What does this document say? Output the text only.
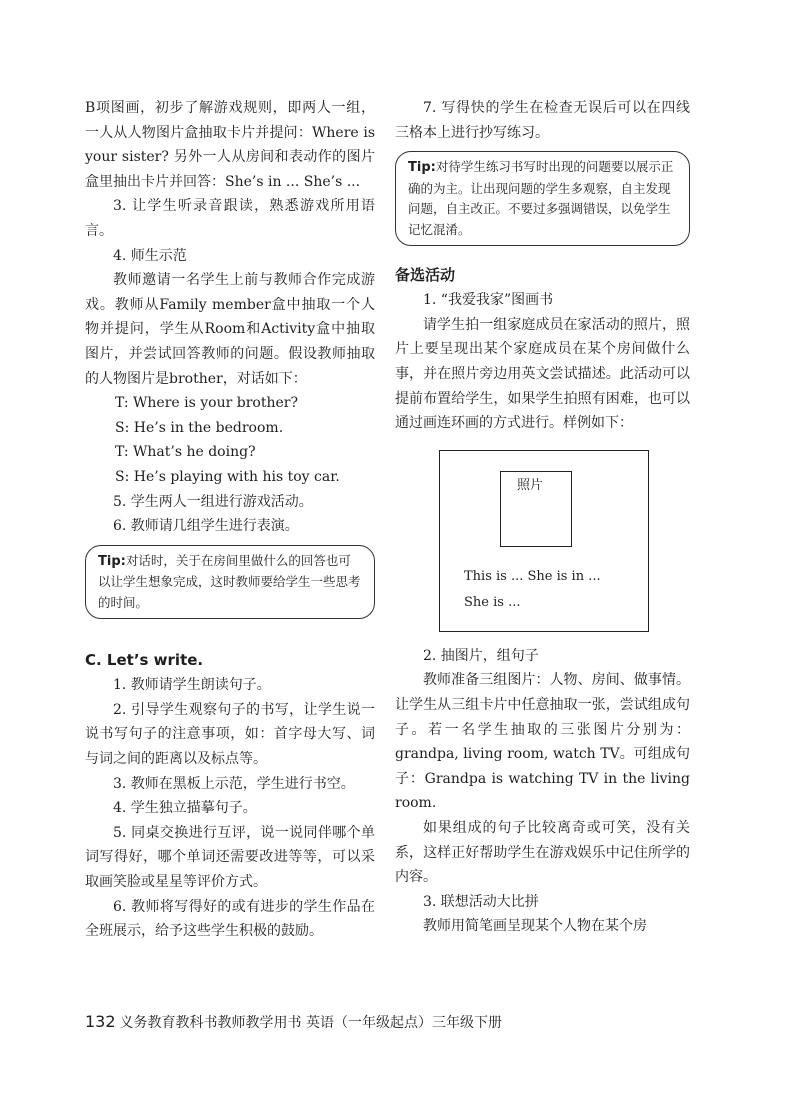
B项图画，初步了解游戏规则，即两人一组，一人从人物图片盒抽取卡片并提问：Where is your sister? 另外一人从房间和表动作的图片盒里抽出卡片并回答：She’s in ... She’s ...

3. 让学生听录音跟读，熟悉游戏所用语言。

4. 师生示范

教师邀请一名学生上前与教师合作完成游戏。教师从Family member盒中抽取一个人物并提问，学生从Room和Activity盒中抽取图片，并尝试回答教师的问题。假设教师抽取的人物图片是brother，对话如下：

T: Where is your brother?

S: He’s in the bedroom.

T: What’s he doing?

S: He’s playing with his toy car.

5. 学生两人一组进行游戏活动。

6. 教师请几组学生进行表演。

Tip:对话时，关于在房间里做什么的回答也可以让学生想象完成，这时教师要给学生一些思考的时间。

C. Let’s write.

1. 教师请学生朗读句子。

2. 引导学生观察句子的书写，让学生说一说书写句子的注意事项，如：首字母大写、词与词之间的距离以及标点等。

3. 教师在黑板上示范，学生进行书空。

4. 学生独立描摹句子。

5. 同桌交换进行互评，说一说同伴哪个单词写得好，哪个单词还需要改进等等，可以采取画笑脸或星星等评价方式。

6. 教师将写得好的或有进步的学生作品在全班展示，给予这些学生积极的鼓励。

7. 写得快的学生在检查无误后可以在四线三格本上进行抄写练习。

Tip:对待学生练习书写时出现的问题要以展示正确的为主。让出现问题的学生多观察，自主发现问题，自主改正。不要过多强调错误，以免学生记忆混淆。

备选活动

1. “我爱我家”图画书

请学生拍一组家庭成员在家活动的照片，照片上要呈现出某个家庭成员在某个房间做什么事，并在照片旁边用英文尝试描述。此活动可以提前布置给学生，如果学生拍照有困难，也可以通过画连环画的方式进行。样例如下：

照片
This is ... She is in ...
She is ...

2. 抽图片，组句子

教师准备三组图片：人物、房间、做事情。让学生从三组卡片中任意抽取一张，尝试组成句子。若一名学生抽取的三张图片分别为：grandpa, living room, watch TV。可组成句子：Grandpa is watching TV in the living room.

如果组成的句子比较离奇或可笑，没有关系，这样正好帮助学生在游戏娱乐中记住所学的内容。

3. 联想活动大比拼

教师用简笔画呈现某个人物在某个房

132 义务教育教科书教师教学用书 英语（一年级起点）三年级下册
